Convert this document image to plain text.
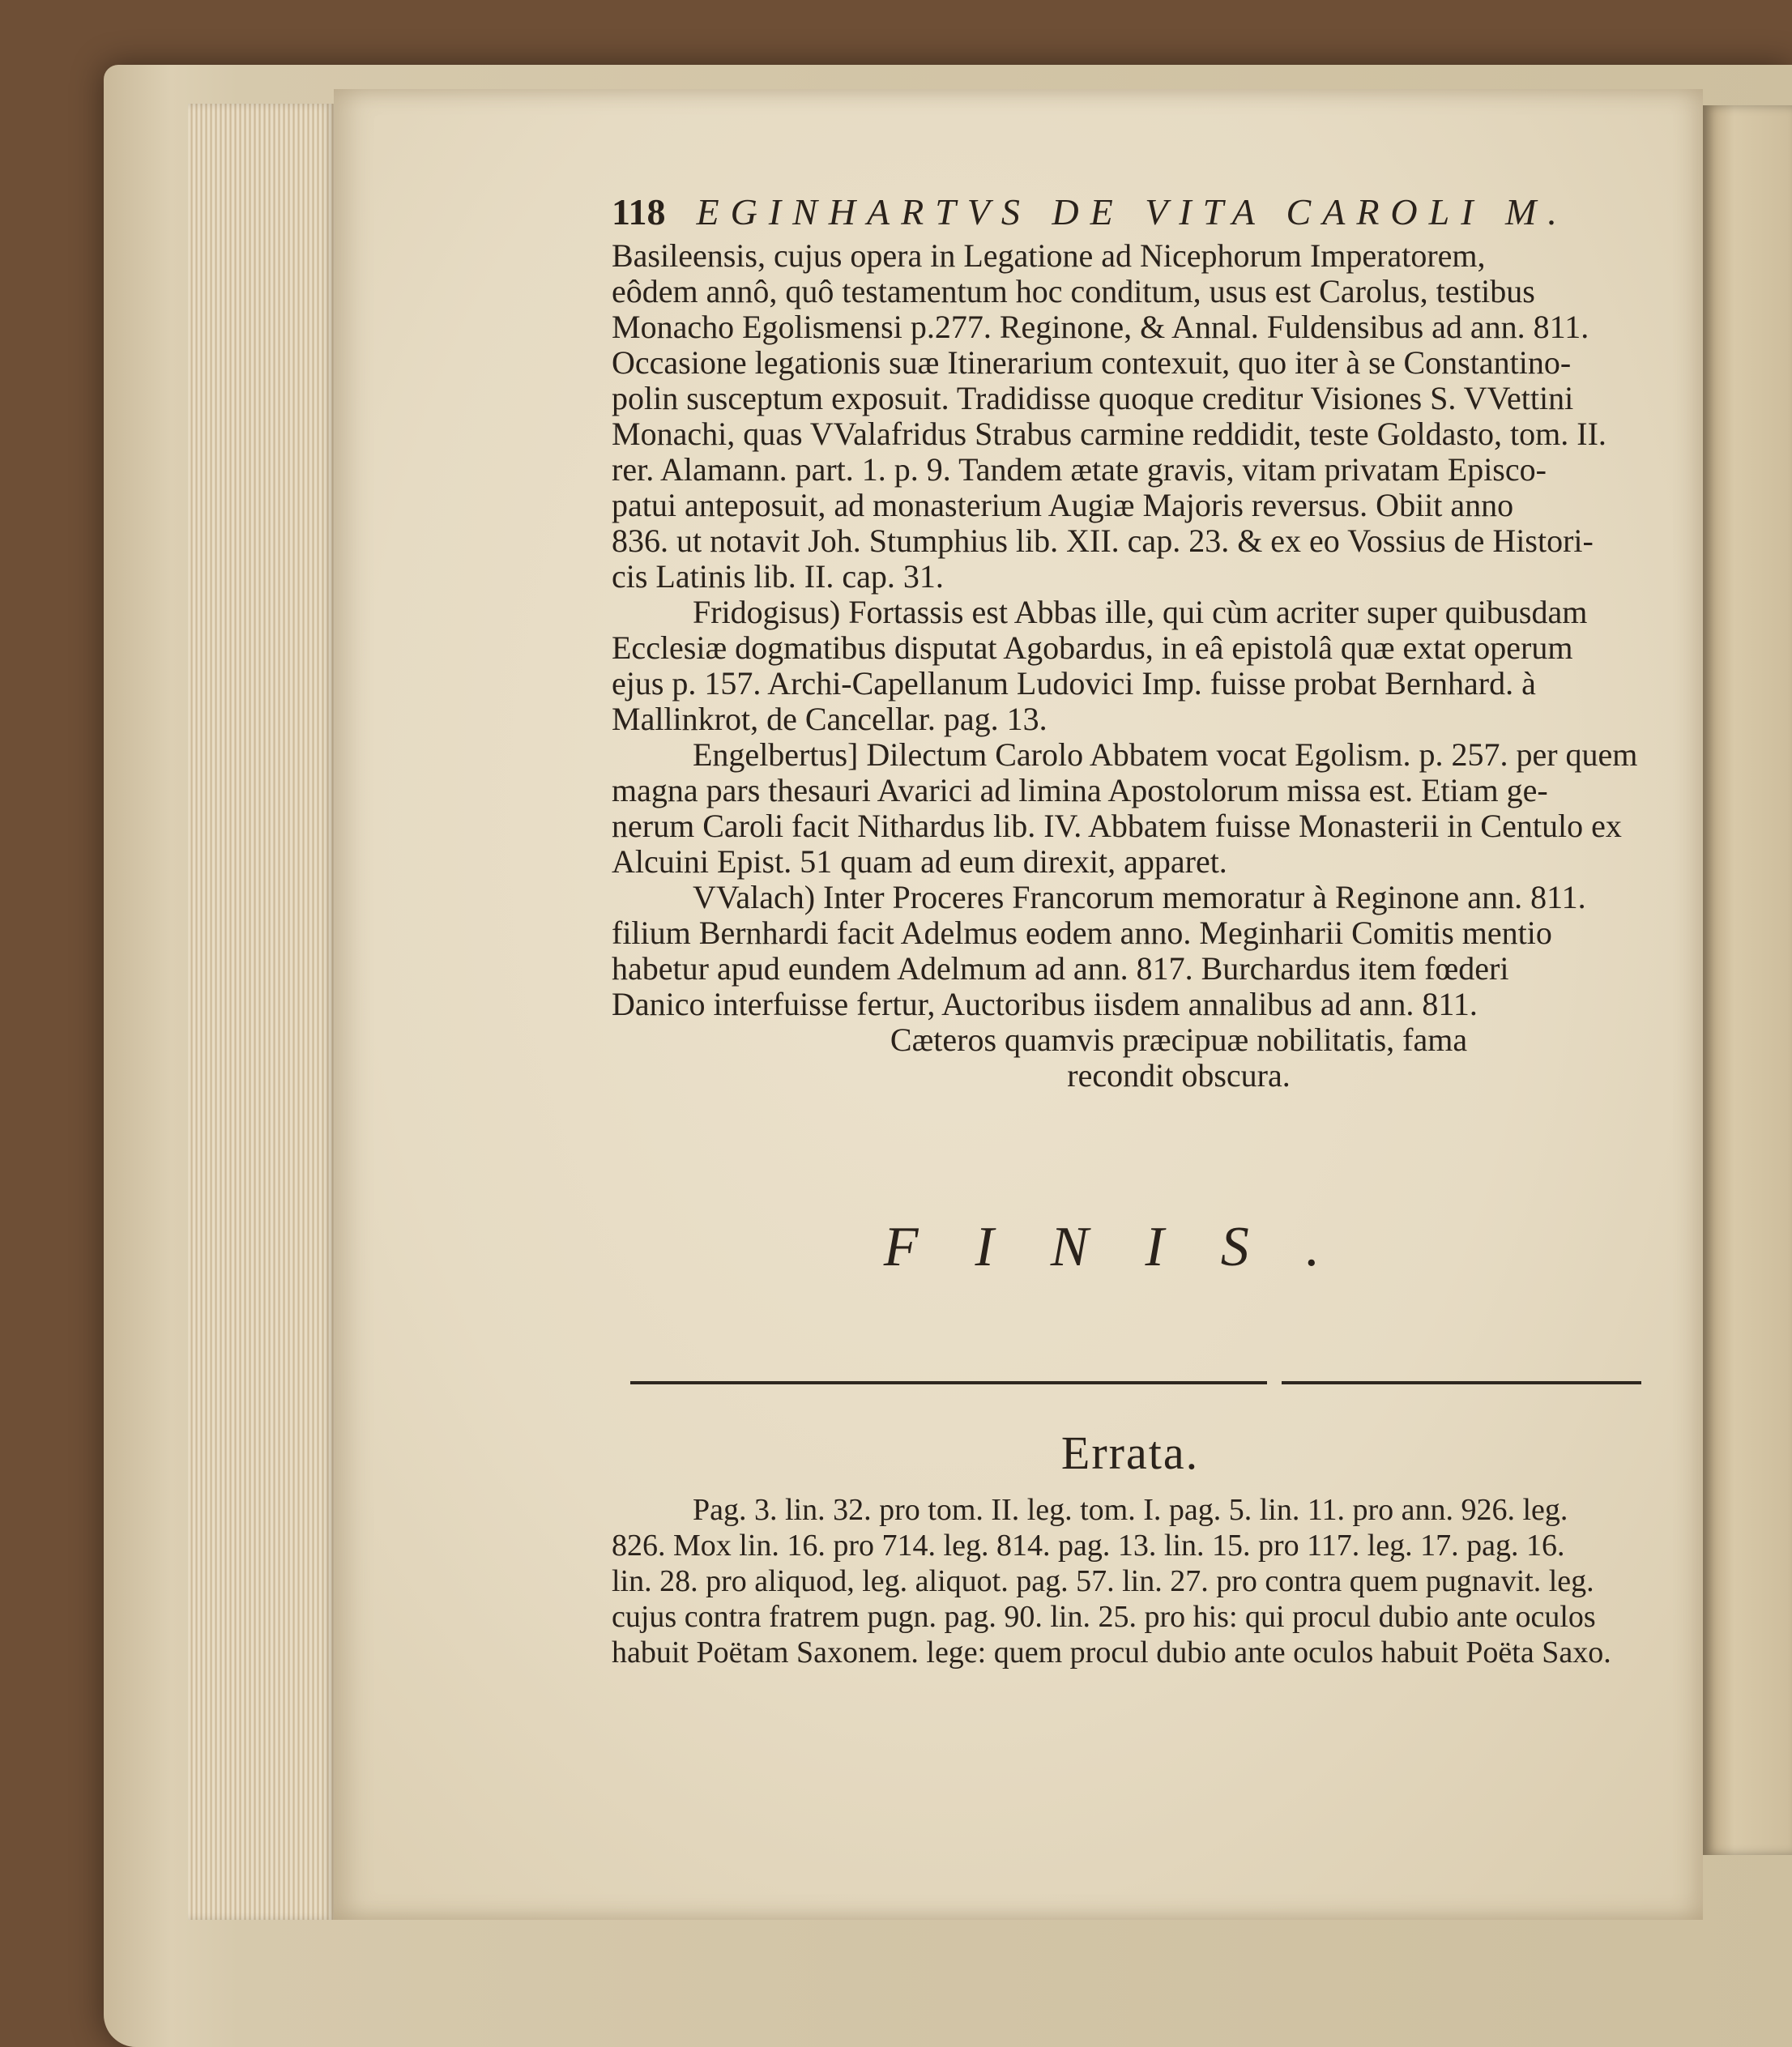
118 EGINHARTVS DE VITA CAROLI M.
Basileensis, cujus opera in Legatione ad Nicephorum Imperatorem,
eôdem annô, quô testamentum hoc conditum, usus est Carolus, testibus
Monacho Egolismensi p.277. Reginone, & Annal. Fuldensibus ad ann. 811.
Occasione legationis suæ Itinerarium contexuit, quo iter à se Constantino-
polin susceptum exposuit. Tradidisse quoque creditur Visiones S. VVettini
Monachi, quas VValafridus Strabus carmine reddidit, teste Goldasto, tom. II.
rer. Alamann. part. 1. p. 9. Tandem ætate gravis, vitam privatam Episco-
patui anteposuit, ad monasterium Augiæ Majoris reversus. Obiit anno
836. ut notavit Joh. Stumphius lib. XII. cap. 23. & ex eo Vossius de Histori-
cis Latinis lib. II. cap. 31.
Fridogisus) Fortassis est Abbas ille, qui cùm acriter super quibusdam
Ecclesiæ dogmatibus disputat Agobardus, in eâ epistolâ quæ extat operum
ejus p. 157. Archi-Capellanum Ludovici Imp. fuisse probat Bernhard. à
Mallinkrot, de Cancellar. pag. 13.
Engelbertus] Dilectum Carolo Abbatem vocat Egolism. p. 257. per quem
magna pars thesauri Avarici ad limina Apostolorum missa est. Etiam ge-
nerum Caroli facit Nithardus lib. IV. Abbatem fuisse Monasterii in Centulo ex
Alcuini Epist. 51 quam ad eum direxit, apparet.
VValach) Inter Proceres Francorum memoratur à Reginone ann. 811.
filium Bernhardi facit Adelmus eodem anno. Meginharii Comitis mentio
habetur apud eundem Adelmum ad ann. 817. Burchardus item fœderi
Danico interfuisse fertur, Auctoribus iisdem annalibus ad ann. 811.
Cæteros quamvis præcipuæ nobilitatis, fama
recondit obscura.
FINIS.
Errata.
Pag. 3. lin. 32. pro tom. II. leg. tom. I. pag. 5. lin. 11. pro ann. 926. leg.
826. Mox lin. 16. pro 714. leg. 814. pag. 13. lin. 15. pro 117. leg. 17. pag. 16.
lin. 28. pro aliquod, leg. aliquot. pag. 57. lin. 27. pro contra quem pugnavit. leg.
cujus contra fratrem pugn. pag. 90. lin. 25. pro his: qui procul dubio ante oculos
habuit Poëtam Saxonem. lege: quem procul dubio ante oculos habuit Poëta Saxo.
